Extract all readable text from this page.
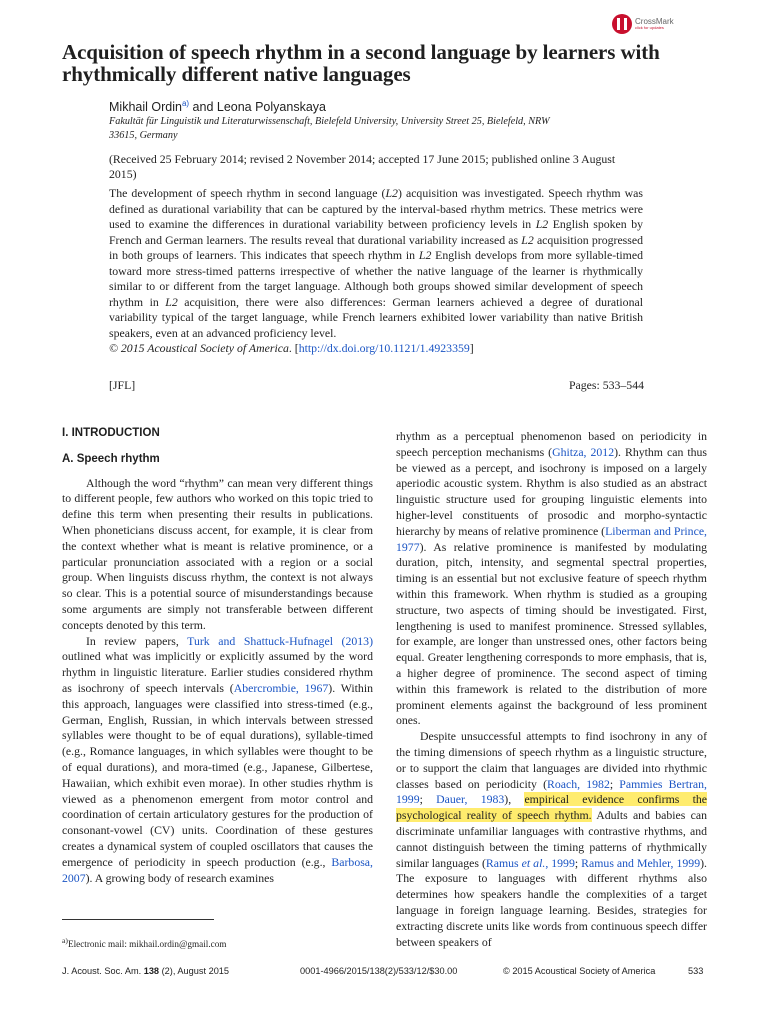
CrossMark
click for updates
Acquisition of speech rhythm in a second language by learners with rhythmically different native languages
Mikhail Ordin$^{a)}$ and Leona Polyanskaya
Fakultät für Linguistik und Literaturwissenschaft, Bielefeld University, University Street 25, Bielefeld, NRW 33615, Germany
(Received 25 February 2014; revised 2 November 2014; accepted 17 June 2015; published online 3 August 2015)

The development of speech rhythm in second language (L2) acquisition was investigated. Speech rhythm was defined as durational variability that can be captured by the interval-based rhythm metrics. These metrics were used to examine the differences in durational variability between proficiency levels in L2 English spoken by French and German learners. The results reveal that durational variability increased as L2 acquisition progressed in both groups of learners. This indicates that speech rhythm in L2 English develops from more syllable-timed toward more stress-timed patterns irrespective of whether the native language of the learner is rhythmically similar to or different from the target language. Although both groups showed similar development of speech rhythm in L2 acquisition, there were also differences: German learners achieved a degree of durational variability typical of the target language, while French learners exhibited lower variability than native British speakers, even at an advanced proficiency level.

© 2015 Acoustical Society of America. [http://dx.doi.org/10.1121/1.4923359]

[JFL]	Pages: 533–544
I. INTRODUCTION
A. Speech rhythm

Although the word “rhythm” can mean very different things to different people, few authors who worked on this topic tried to define this term when presenting their results in publications. When phoneticians discuss accent, for example, it is clear from the context whether what is meant is relative prominence, or a particular pronunciation associated with a region or a social group. When linguists discuss rhythm, the context is not always so clear. This is a potential source of misunderstandings because some arguments are simply not transferable between different concepts denoted by this term.

In review papers, Turk and Shattuck-Hufnagel (2013) outlined what was implicitly or explicitly assumed by the word rhythm in linguistic literature. Earlier studies considered rhythm as isochrony of speech intervals (Abercrombie, 1967). Within this approach, languages were classified into stress-timed (e.g., German, English, Russian, in which intervals between stressed syllables were thought to be of equal durations), syllable-timed (e.g., Romance languages, in which syllables were thought to be of equal durations), and mora-timed (e.g., Japanese, Gilbertese, Hawaiian, which exhibit even morae). In other studies rhythm is viewed as a phenomenon emergent from motor control and coordination of certain articulatory gestures for the production of consonant-vowel (CV) units. Coordination of these gestures creates a dynamical system of coupled oscillators that causes the emergence of periodicity in speech production (e.g., Barbosa, 2007). A growing body of research examines

rhythm as a perceptual phenomenon based on periodicity in speech perception mechanisms (Ghitza, 2012). Rhythm can thus be viewed as a percept, and isochrony is imposed on a largely aperiodic acoustic system. Rhythm is also studied as an abstract linguistic structure used for grouping linguistic elements into higher-level constituents of prosodic and morpho-syntactic hierarchy by means of relative prominence (Liberman and Prince, 1977). As relative prominence is manifested by modulating duration, pitch, intensity, and segmental spectral properties, timing is an essential but not exclusive feature of speech rhythm within this framework. When rhythm is studied as a grouping structure, two aspects of timing should be investigated. First, lengthening is used to manifest prominence. Stressed syllables, for example, are longer than unstressed ones, other factors being equal. Greater lengthening corresponds to more emphasis, that is, a higher degree of prominence. The second aspect of timing within this framework is related to the distribution of more prominent elements against the background of less prominent ones.

Despite unsuccessful attempts to find isochrony in any of the timing dimensions of speech rhythm as a linguistic structure, or to support the claim that languages are divided into rhythmic classes based on periodicity (Roach, 1982; Pammies Bertran, 1999; Dauer, 1983), empirical evidence confirms the psychological reality of speech rhythm. Adults and babies can discriminate unfamiliar languages with contrastive rhythms, and cannot distinguish between the timing patterns of rhythmically similar languages (Ramus et al., 1999; Ramus and Mehler, 1999). The exposure to languages with different rhythms also determines how speakers handle the complexities of a target language in foreign language learning. Besides, strategies for extracting discrete units like words from continuous speech differ between speakers of

$^{a)}$Electronic mail: mikhail.ordin@gmail.com
J. Acoust. Soc. Am. 138 (2), August 2015	0001-4966/2015/138(2)/533/12/$30.00	© 2015 Acoustical Society of America	533
